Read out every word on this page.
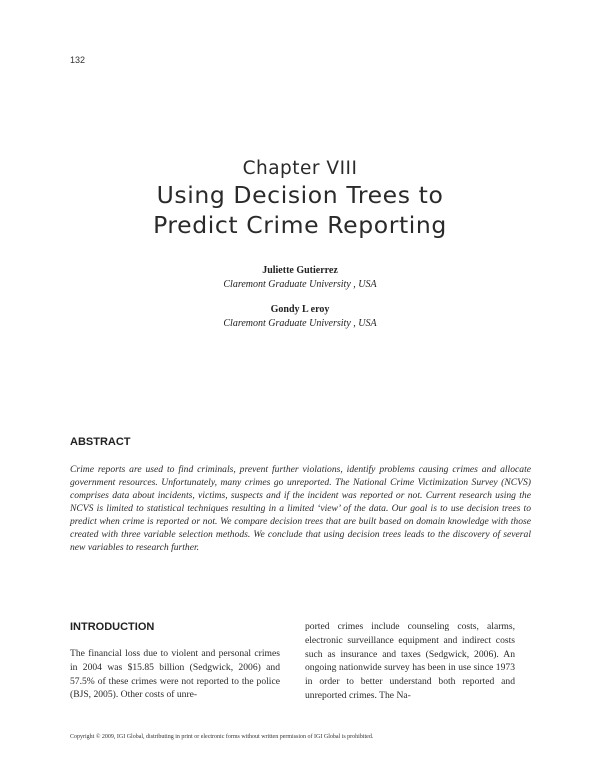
132
Chapter VIII
Using Decision Trees to
Predict Crime Reporting
Juliette Gutierrez
Claremont Graduate University , USA
Gondy L eroy
Claremont Graduate University , USA
ABSTRACT

Crime reports are used to find criminals, prevent further violations, identify problems causing crimes and allocate government resources. Unfortunately, many crimes go unreported. The National Crime Victimization Survey (NCVS) comprises data about incidents, victims, suspects and if the incident was reported or not. Current research using the NCVS is limited to statistical techniques resulting in a limited ‘view’ of the data. Our goal is to use decision trees to predict when crime is reported or not. We compare decision trees that are built based on domain knowledge with those created with three variable selection methods. We conclude that using decision trees leads to the discovery of several new variables to research further.

INTRODUCTION

The financial loss due to violent and personal crimes in 2004 was $15.85 billion (Sedgwick, 2006) and 57.5% of these crimes were not reported to the police (BJS, 2005). Other costs of unre-

ported crimes include counseling costs, alarms, electronic surveillance equipment and indirect costs such as insurance and taxes (Sedgwick, 2006). An ongoing nationwide survey has been in use since 1973 in order to better understand both reported and unreported crimes. The Na-

Copyright © 2009, IGI Global, distributing in print or electronic forms without written permission of IGI Global is prohibited.
